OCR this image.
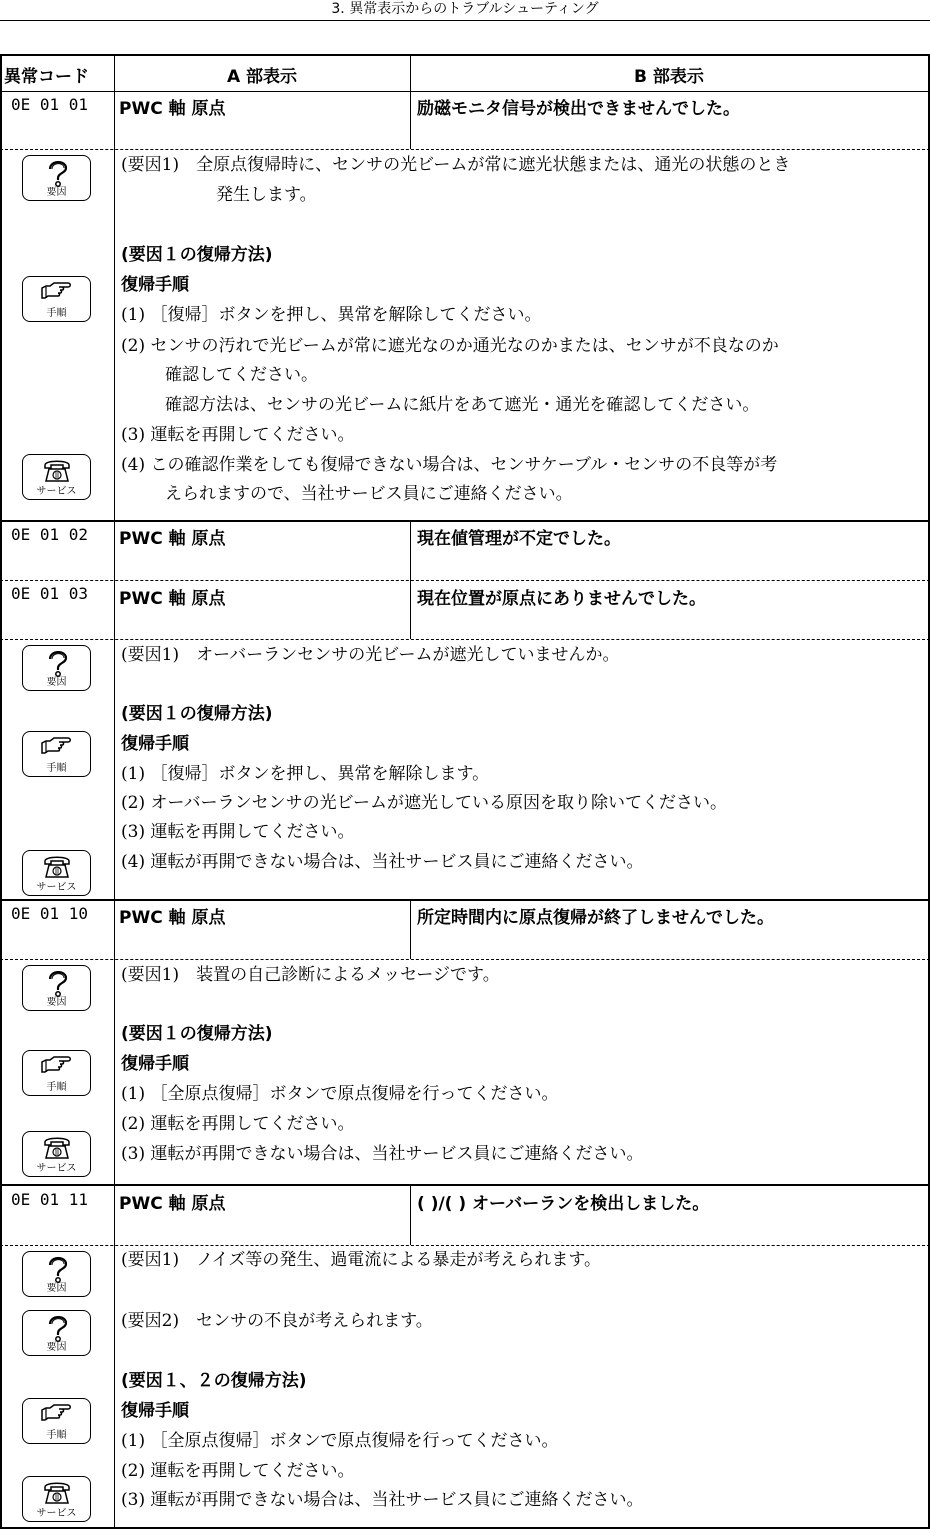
3. 異常表示からのトラブルシューティング
異常コード	A 部表示	B 部表示
0E 01 01 PWC 軸 原点	励磁モニタ信号が検出できませんでした。
(要因1)　全原点復帰時に、センサの光ビームが常に遮光状態または、通光の状態のとき
発生します。
(要因１の復帰方法)
復帰手順
(1) ［復帰］ボタンを押し、異常を解除してください。
(2) センサの汚れで光ビームが常に遮光なのか通光なのかまたは、センサが不良なのか
確認してください。
確認方法は、センサの光ビームに紙片をあて遮光・通光を確認してください。
(3) 運転を再開してください。
(4) この確認作業をしても復帰できない場合は、センサケーブル・センサの不良等が考
えられますので、当社サービス員にご連絡ください。
要因
手順
サービス
0E 01 02 PWC 軸 原点	現在値管理が不定でした。
0E 01 03 PWC 軸 原点	現在位置が原点にありませんでした。
(要因1)　オーバーランセンサの光ビームが遮光していませんか。
(要因１の復帰方法)
復帰手順
(1) ［復帰］ボタンを押し、異常を解除します。
(2) オーバーランセンサの光ビームが遮光している原因を取り除いてください。
(3) 運転を再開してください。
(4) 運転が再開できない場合は、当社サービス員にご連絡ください。
要因
手順
サービス
0E 01 10 PWC 軸 原点	所定時間内に原点復帰が終了しませんでした。
(要因1)　装置の自己診断によるメッセージです。
(要因１の復帰方法)
復帰手順
(1) ［全原点復帰］ボタンで原点復帰を行ってください。
(2) 運転を再開してください。
(3) 運転が再開できない場合は、当社サービス員にご連絡ください。
要因
手順
サービス
0E 01 11 PWC 軸 原点	( )/( ) オーバーランを検出しました。
(要因1)　ノイズ等の発生、過電流による暴走が考えられます。
(要因2)　センサの不良が考えられます。
(要因１、２の復帰方法)
復帰手順
(1) ［全原点復帰］ボタンで原点復帰を行ってください。
(2) 運転を再開してください。
(3) 運転が再開できない場合は、当社サービス員にご連絡ください。
要因
要因
手順
サービス
